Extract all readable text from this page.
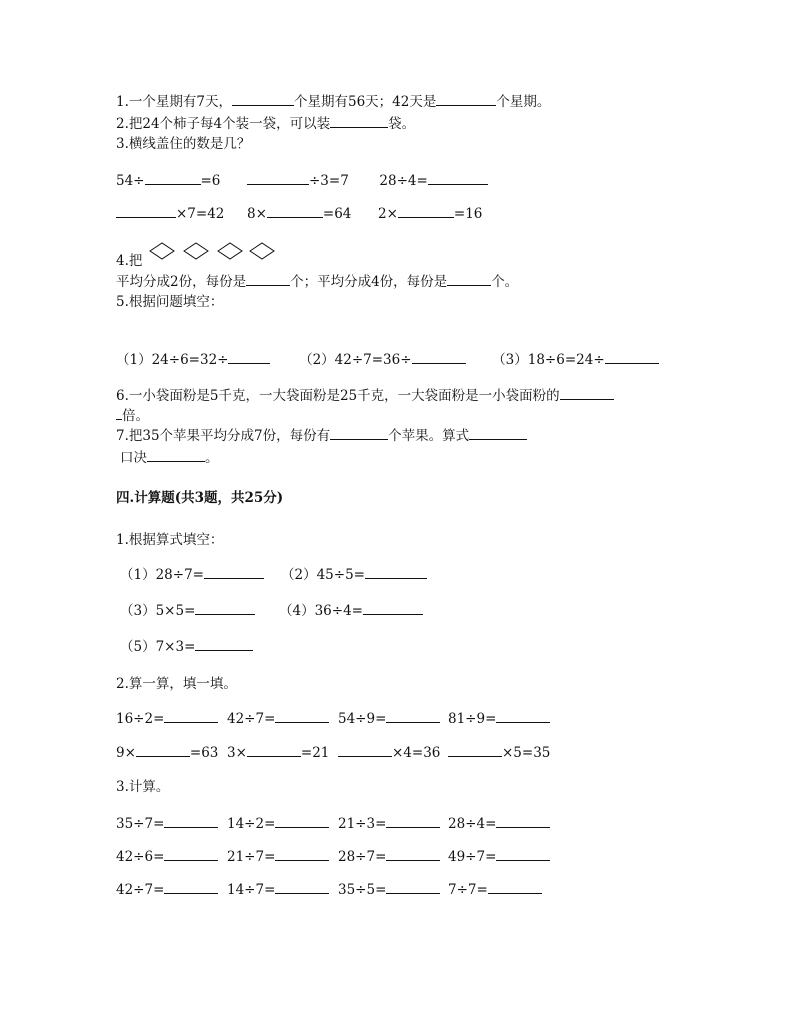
1.一个星期有7天，	个星期有56天；42天是	个星期。
2.把24个柿子每4个装一袋，可以装	袋。
3.横线盖住的数是几？
54÷	=6	÷3=7 28÷4=
×7=42 8×	=64 2×	=16
4.把
平均分成2份，每份是	个；平均分成4份，每份是	个。
5.根据问题填空：
（1）24÷6=32÷	（2）42÷7=36÷	（3）18÷6=24÷
6.一小袋面粉是5千克，一大袋面粉是25千克，一大袋面粉是一小袋面粉的
倍。
7.把35个苹果平均分成7份，每份有	个苹果。算式
口决	。
四.计算题(共3题，共25分)
1.根据算式填空：
（1）28÷7=	（2）45÷5=
（3）5×5=	（4）36÷4=
（5）7×3=
2.算一算，填一填。
16÷2=	42÷7=	54÷9=	81÷9=
9×	=63 3×	=21	×4=36	×5=35
3.计算。
35÷7=	14÷2=	21÷3=	28÷4=
42÷6=	21÷7=	28÷7=	49÷7=
42÷7=	14÷7=	35÷5=	7÷7=
